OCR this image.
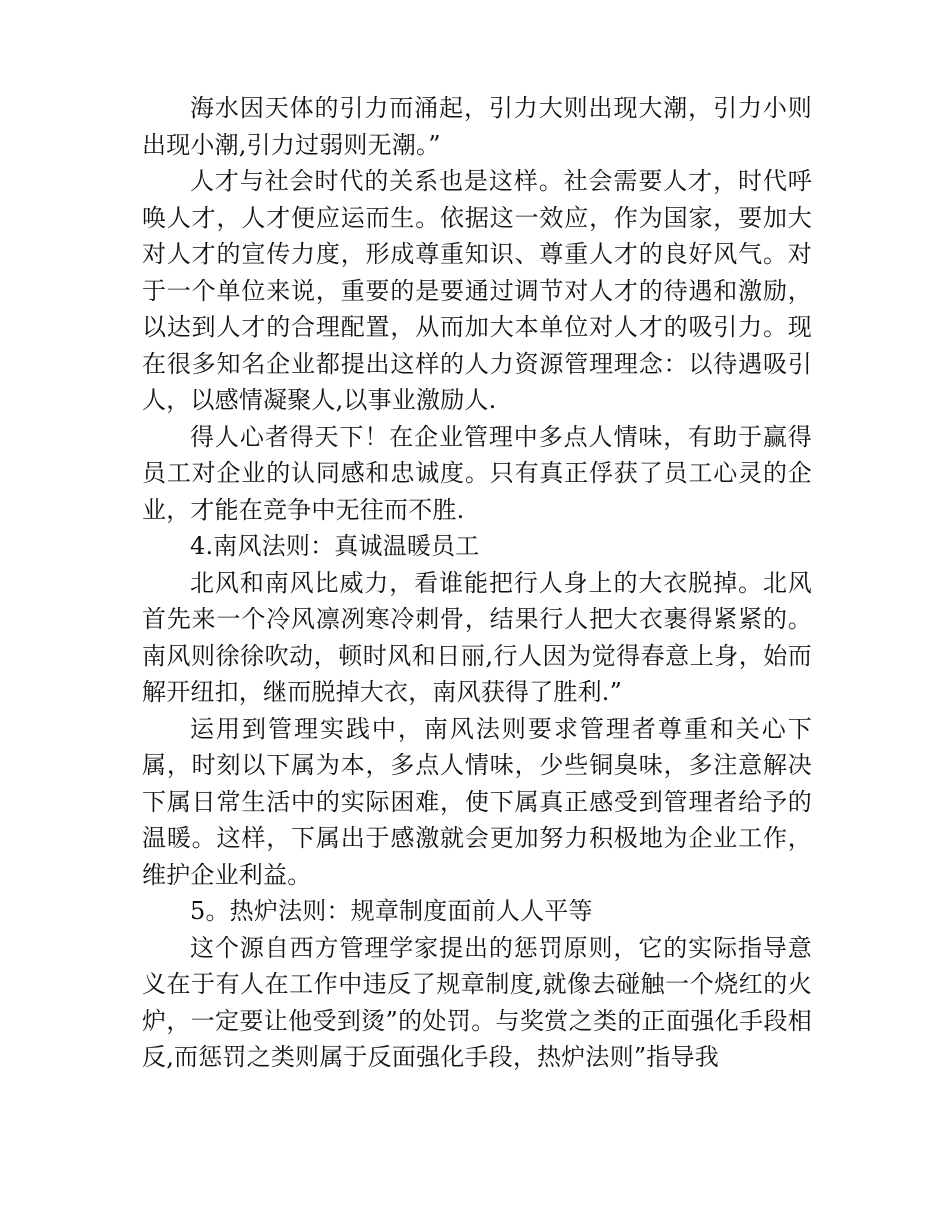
海水因天体的引力而涌起，引力大则出现大潮，引力小则出现小潮,引力过弱则无潮。”

人才与社会时代的关系也是这样。社会需要人才，时代呼唤人才，人才便应运而生。依据这一效应，作为国家，要加大对人才的宣传力度，形成尊重知识、尊重人才的良好风气。对于一个单位来说，重要的是要通过调节对人才的待遇和激励，以达到人才的合理配置，从而加大本单位对人才的吸引力。现在很多知名企业都提出这样的人力资源管理理念：以待遇吸引人，以感情凝聚人,以事业激励人.

得人心者得天下！在企业管理中多点人情味，有助于赢得员工对企业的认同感和忠诚度。只有真正俘获了员工心灵的企业，才能在竞争中无往而不胜.

4.南风法则：真诚温暖员工

北风和南风比威力，看谁能把行人身上的大衣脱掉。北风首先来一个冷风凛冽寒冷刺骨，结果行人把大衣裹得紧紧的。南风则徐徐吹动，顿时风和日丽,行人因为觉得春意上身，始而解开纽扣，继而脱掉大衣，南风获得了胜利.”

运用到管理实践中，南风法则要求管理者尊重和关心下属，时刻以下属为本，多点人情味，少些铜臭味，多注意解决下属日常生活中的实际困难，使下属真正感受到管理者给予的温暖。这样，下属出于感激就会更加努力积极地为企业工作，维护企业利益。

5。热炉法则：规章制度面前人人平等

这个源自西方管理学家提出的惩罚原则，它的实际指导意义在于有人在工作中违反了规章制度,就像去碰触一个烧红的火炉，一定要让他受到烫”的处罚。与奖赏之类的正面强化手段相反,而惩罚之类则属于反面强化手段，热炉法则”指导我
